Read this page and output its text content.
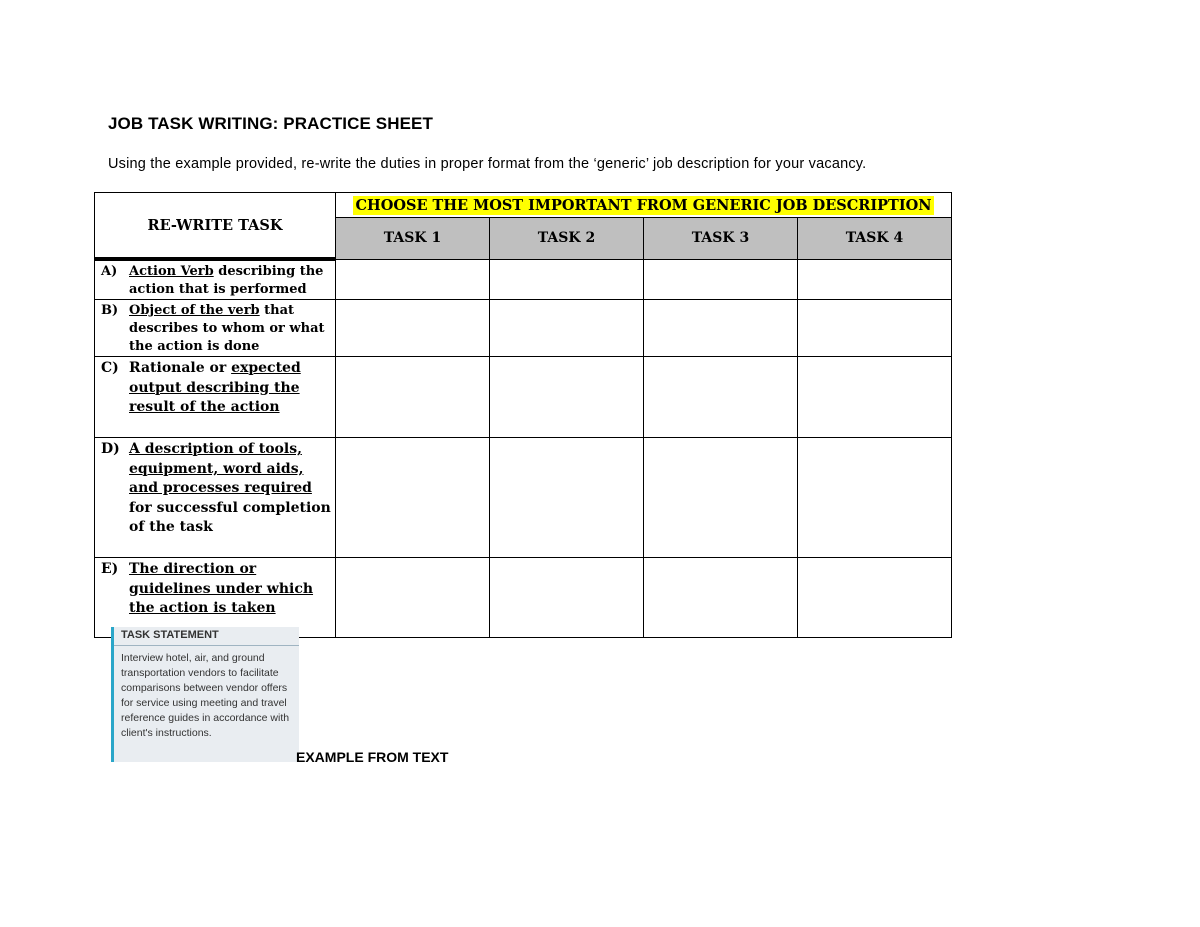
JOB TASK WRITING: PRACTICE SHEET
Using the example provided, re-write the duties in proper format from the ‘generic’ job description for your vacancy.
RE-WRITE TASK	CHOOSE THE MOST IMPORTANT FROM GENERIC JOB DESCRIPTION			
	TASK 1	TASK 2	TASK 3	TASK 4

A) Action Verb describing the action that is performed				

B) Object of the verb that describes to whom or what the action is done				

C) Rationale or expected output describing the result of the action				

D) A description of tools, equipment, word aids, and processes required for successful completion of the task				

E) The direction or guidelines under which the action is taken				

TASK STATEMENT
Interview hotel, air, and ground transportation vendors to facilitate comparisons between vendor offers for service using meeting and travel reference guides in accordance with client's instructions.
EXAMPLE FROM TEXT
